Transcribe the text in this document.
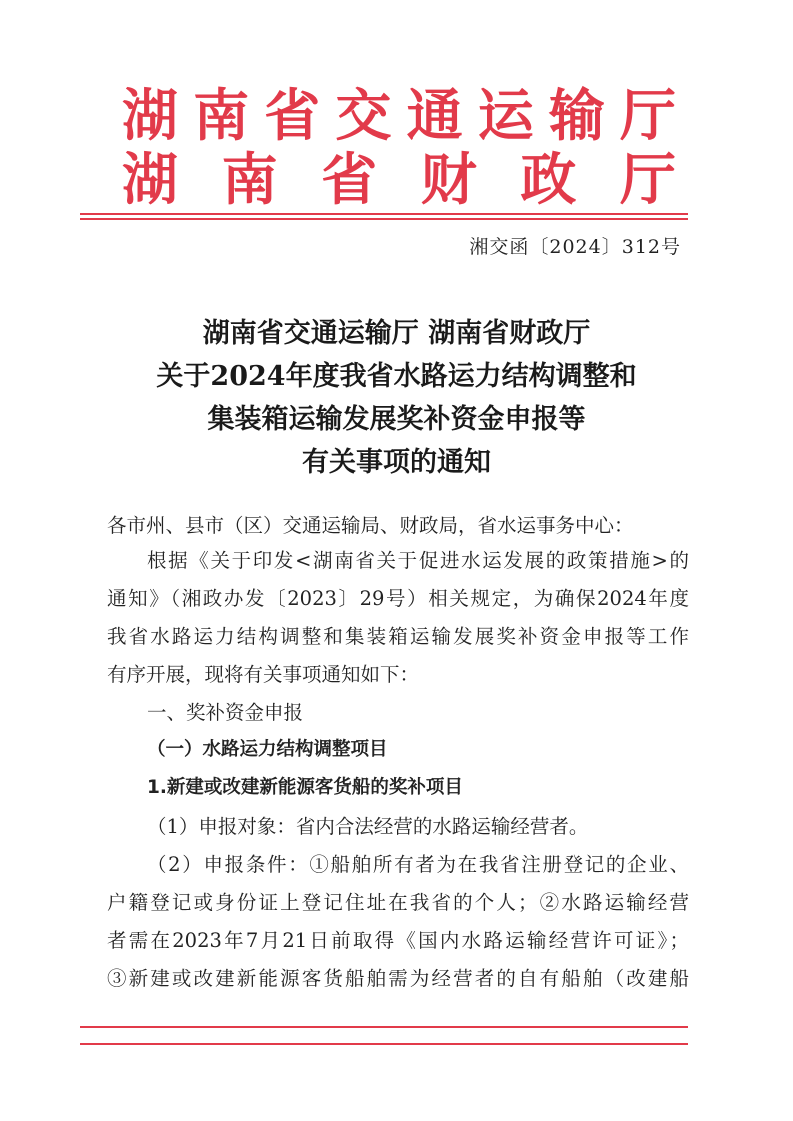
湖南省交通运输厅
湖南省财政厅
湘交函〔2024〕312号
湖南省交通运输厅 湖南省财政厅
关于2024年度我省水路运力结构调整和
集装箱运输发展奖补资金申报等
有关事项的通知
各市州、县市（区）交通运输局、财政局，省水运事务中心：
根据《关于印发<湖南省关于促进水运发展的政策措施>的
通知》（湘政办发〔2023〕29号）相关规定，为确保2024年度
我省水路运力结构调整和集装箱运输发展奖补资金申报等工作
有序开展，现将有关事项通知如下：
一、奖补资金申报
（一）水路运力结构调整项目
1.新建或改建新能源客货船的奖补项目
（1）申报对象：省内合法经营的水路运输经营者。
（2）申报条件：①船舶所有者为在我省注册登记的企业、
户籍登记或身份证上登记住址在我省的个人；②水路运输经营
者需在2023年7月21日前取得《国内水路运输经营许可证》；
③新建或改建新能源客货船舶需为经营者的自有船舶（改建船
